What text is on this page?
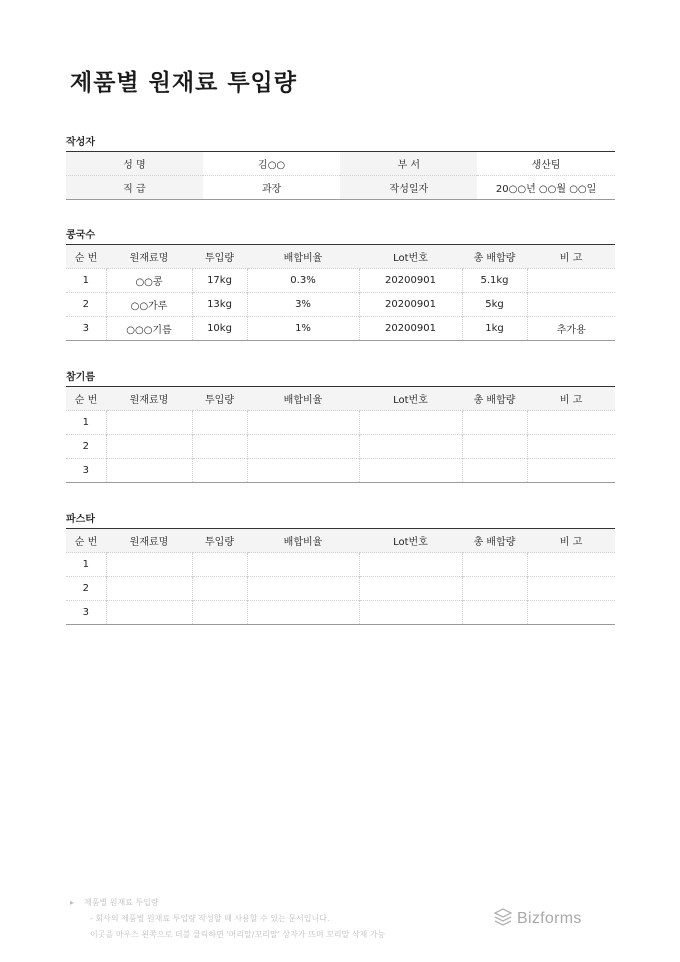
제품별 원재료 투입량
작성자
성 명	김○○	부 서	생산팀
직 급	과장	작성일자	20○○년 ○○월 ○○일
콩국수
순 번	원재료명	투입량	배합비율	Lot번호	총 배합량	비 고
1	○○콩	17kg	0.3%	20200901	5.1kg	
2	○○가루	13kg	3%	20200901	5kg	
3	○○○기름	10kg	1%	20200901	1kg	추가용
참기름
순 번	원재료명	투입량	배합비율	Lot번호	총 배합량	비 고
1						
2						
3						
파스타
순 번	원재료명	투입량	배합비율	Lot번호	총 배합량	비 고
1						
2						
3						
▸ 제품별 원재료 투입량
- 회사의 제품별 원재료 투입량 작성할 때 사용할 수 있는 문서입니다.
이곳을 마우스 왼쪽으로 더블 클릭하면 '머리말/꼬리말' 상자가 뜨며 꼬리말 삭제 가능
Bizforms
